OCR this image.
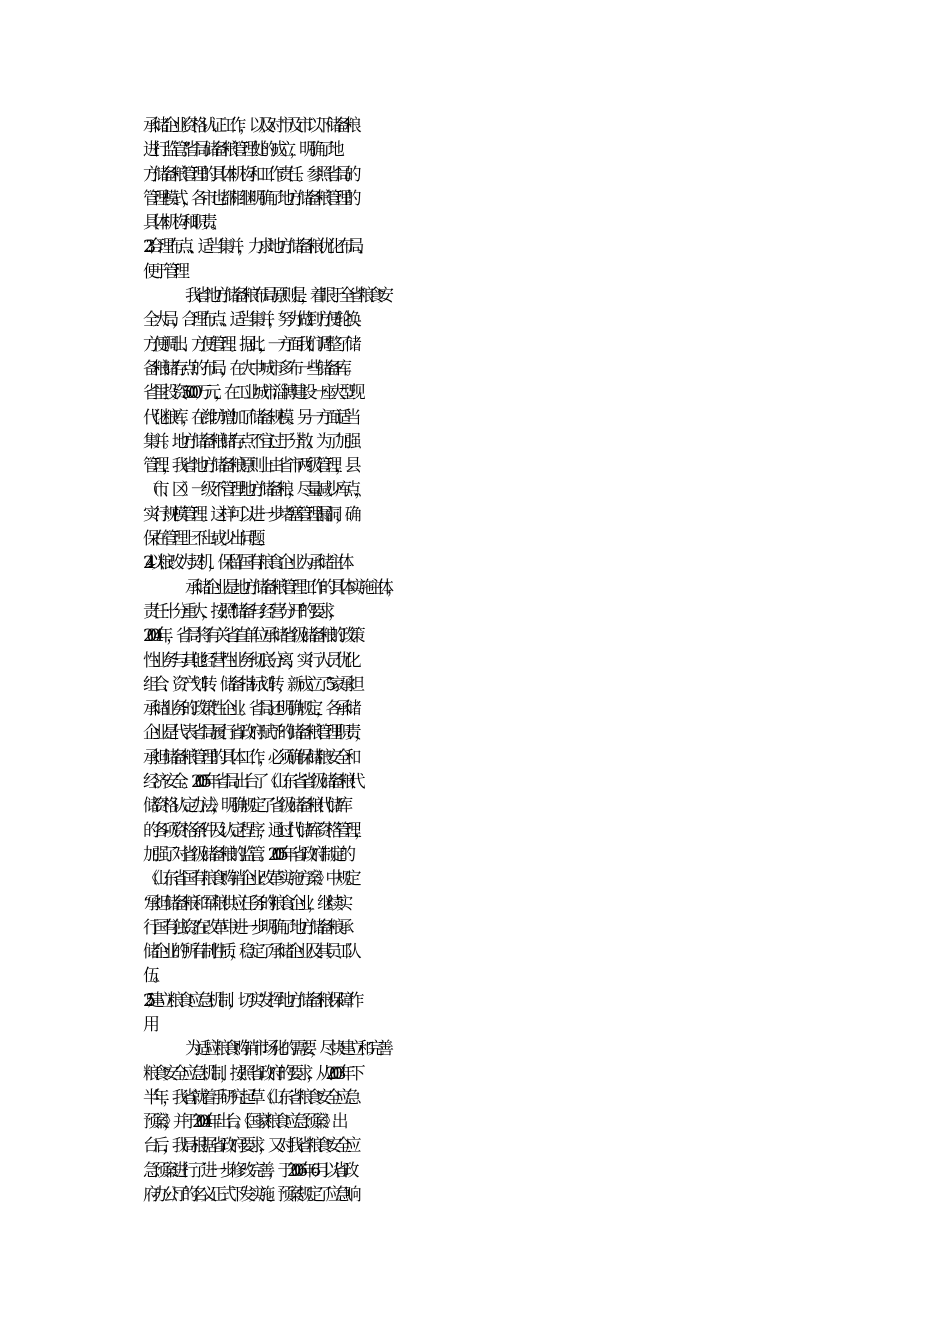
承储企业资格认证工作，以及对市及市以下储备粮
进行监管。”省局储备粮管理处的成立，明确了地
方储备粮管理的具体机构和工作责任。参照省局的
管理模式，各市也都相继明确了地方储备粮管理的
具体机构和职责。
2.3 合理布点、适当集并，力求地方储备粮优化布局、
便于管理
我省地方储备粮布局原则是，着眼于全省粮食安
全大局，合理布点、适当集并，努力做到方便轮换、
方便调出、方便管理。据此，一方面我们调整了储
备粮储存点的布局，在大中城市多布一些储备库。
省里投资5000万元，在工业城市淄博建设一座大型现
代化粮库，在潍坊增加了储备规模。另一方面适当
集并。地方储备粮储存点不宜过于分散。为了加强
管理，我省地方储备粮原则上由省市两级管理，县
（市、区）一级不管理地方储备粮，尽量减少库点，
实行规模管理。这样可以进一步堵塞管理漏洞，确
保在管理上不出或少出问题。
2.4 以粮改为契机，保留国有粮食企业为承储主体
承储企业是地方储备粮管理工作的具体实施主体，
责任十分重大，按照“储备与经营分开”的要求，
2004年，省局将有关省直单位承储省级储备粮的政策
性业务与其他经营性业务彻底分离，实行人员优化
组合、资产划转、储备指标划转，新成立了5家承担
承储业务的政策性企业。省局还明确规定，各承储
企业是代表省局履行省政府赋予的储备粮管理职责，
承担储备粮管理的具体工作，必须确保储粮安全和
经济安全。2005年省局出台了《山东省省级储备粮代
储资格认定办法》，明确规定了省级储备粮代储库
的各项资格条件及认定程序，通过代储库资格管理，
加强了对省级储备粮的监管。2005年省政府制定的
《山东省国有粮食购销企业改革实施方案》中规定
“承担储备粮和军粮供应任务的粮食企业，继续实
行国有独资。”在改革中进一步明确了地方储备粮承
储企业的所有制性质，稳定了承储企业及其员工队
伍。
2.5 建立粮食应急机制，切实发挥地方储备粮保障作
用
为适应粮食购销市场化的需要，尽快建立和完善
粮食安全应急机制，按照省政府的要求，从2003年下
半年，我省就着手研究起草《山东省粮食安全应急
预案》，并于2004年出台。《国家粮食应急预案》出
台后，我局根据省政府要求，又对我省粮食安全应
急预案进行了进一步修改完善，于2006年6月以省政
府办公厅的名义正式下发实施。预案规定了应急响
